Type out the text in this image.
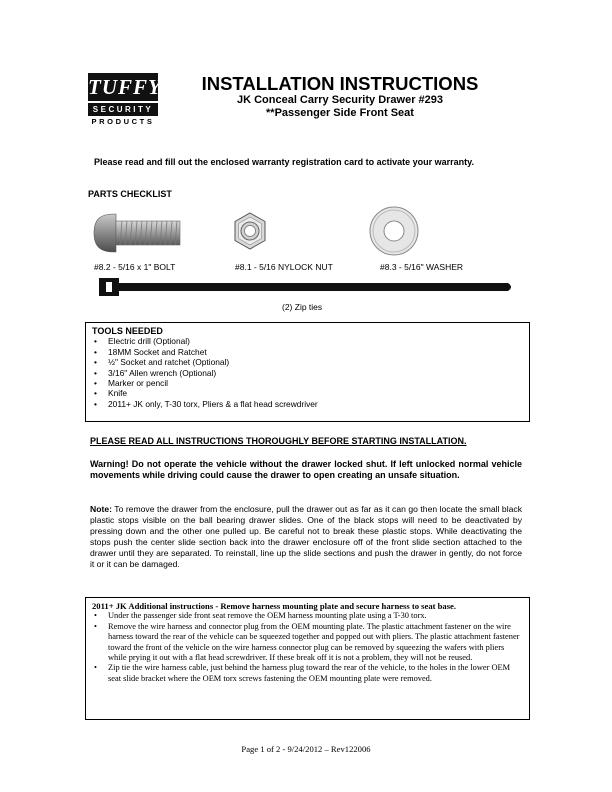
TUFFY
SECURITY
PRODUCTS
INSTALLATION INSTRUCTIONS
JK Conceal Carry Security Drawer #293
**Passenger Side Front Seat
Please read and fill out the enclosed warranty registration card to activate your warranty.
PARTS CHECKLIST
#8.2 - 5/16 x 1" BOLT	#8.1 - 5/16 NYLOCK NUT	#8.3 - 5/16" WASHER
(2) Zip ties
TOOLS NEEDED
• Electric drill (Optional)
• 18MM Socket and Ratchet
• ½" Socket and ratchet (Optional)
• 3/16" Allen wrench (Optional)
• Marker or pencil
• Knife
• 2011+ JK only, T-30 torx, Pliers & a flat head screwdriver
PLEASE READ ALL INSTRUCTIONS THOROUGHLY BEFORE STARTING INSTALLATION.
Warning! Do not operate the vehicle without the drawer locked shut. If left unlocked normal vehicle movements while driving could cause the drawer to open creating an unsafe situation.
Note: To remove the drawer from the enclosure, pull the drawer out as far as it can go then locate the small black plastic stops visible on the ball bearing drawer slides. One of the black stops will need to be deactivated by pressing down and the other one pulled up. Be careful not to break these plastic stops. While deactivating the stops push the center slide section back into the drawer enclosure off of the front slide section attached to the drawer until they are separated. To reinstall, line up the slide sections and push the drawer in gently, do not force it or it can be damaged.
2011+ JK Additional instructions - Remove harness mounting plate and secure harness to seat base.
• Under the passenger side front seat remove the OEM harness mounting plate using a T-30 torx.
• Remove the wire harness and connector plug from the OEM mounting plate. The plastic attachment fastener on the wire harness toward the rear of the vehicle can be squeezed together and popped out with pliers. The plastic attachment fastener toward the front of the vehicle on the wire harness connector plug can be removed by squeezing the wafers with pliers while prying it out with a flat head screwdriver. If these break off it is not a problem, they will not be reused.
• Zip tie the wire harness cable, just behind the harness plug toward the rear of the vehicle, to the holes in the lower OEM seat slide bracket where the OEM torx screws fastening the OEM mounting plate were removed.
Page 1 of 2 - 9/24/2012 – Rev122006
